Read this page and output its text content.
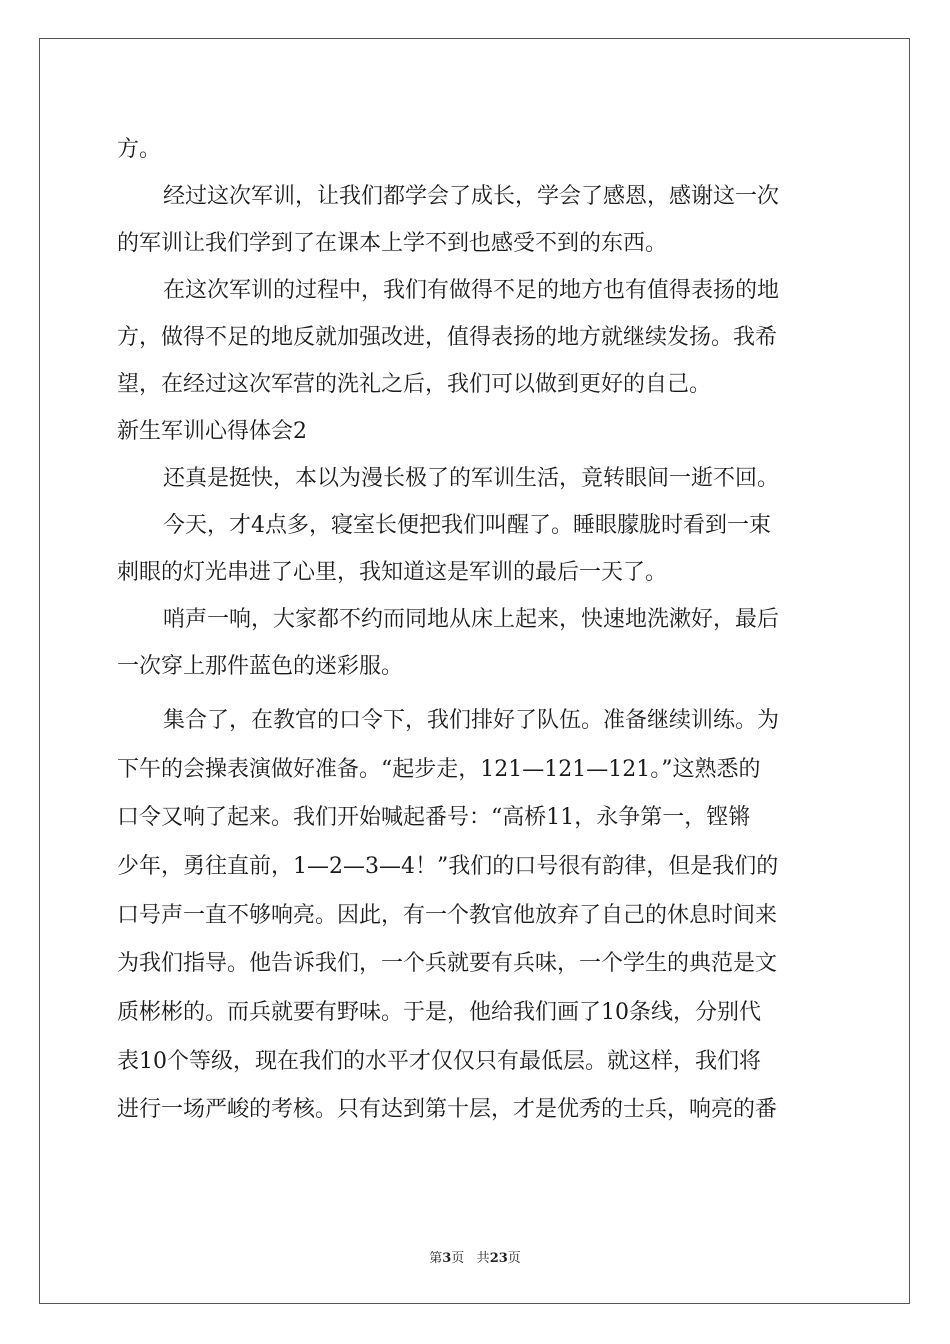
方。

经过这次军训，让我们都学会了成长，学会了感恩，感谢这一次

的军训让我们学到了在课本上学不到也感受不到的东西。

在这次军训的过程中，我们有做得不足的地方也有值得表扬的地

方，做得不足的地反就加强改进，值得表扬的地方就继续发扬。我希

望，在经过这次军营的洗礼之后，我们可以做到更好的自己。

新生军训心得体会2

还真是挺快，本以为漫长极了的军训生活，竟转眼间一逝不回。

今天，才4点多，寝室长便把我们叫醒了。睡眼朦胧时看到一束

刺眼的灯光串进了心里，我知道这是军训的最后一天了。

哨声一响，大家都不约而同地从床上起来，快速地洗漱好，最后

一次穿上那件蓝色的迷彩服。

集合了，在教官的口令下，我们排好了队伍。准备继续训练。为

下午的会操表演做好准备。“起步走，121—121—121。”这熟悉的

口令又响了起来。我们开始喊起番号：“高桥11，永争第一，铿锵

少年，勇往直前，1—2—3—4！”我们的口号很有韵律，但是我们的

口号声一直不够响亮。因此，有一个教官他放弃了自己的休息时间来

为我们指导。他告诉我们，一个兵就要有兵味，一个学生的典范是文

质彬彬的。而兵就要有野味。于是，他给我们画了10条线，分别代

表10个等级，现在我们的水平才仅仅只有最低层。就这样，我们将

进行一场严峻的考核。只有达到第十层，才是优秀的士兵，响亮的番

第3页 共23页
